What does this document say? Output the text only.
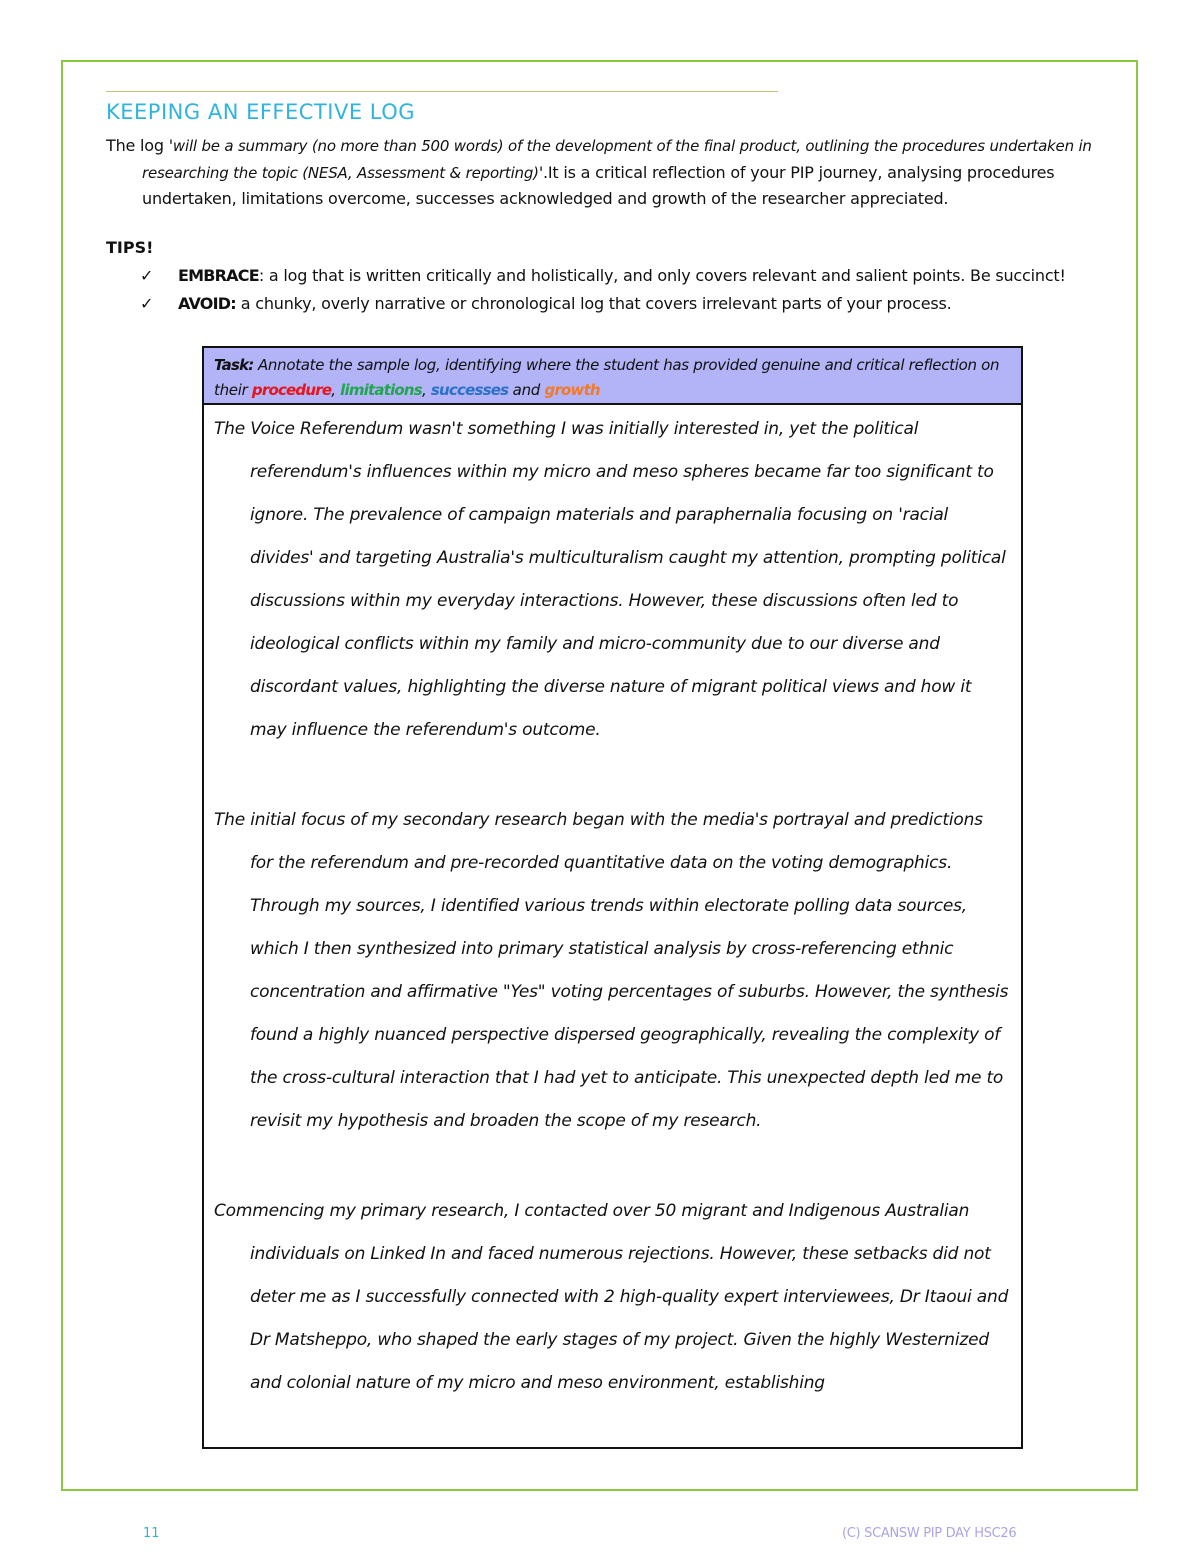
KEEPING AN EFFECTIVE LOG

The log 'will be a summary (no more than 500 words) of the development of the final product, outlining the procedures undertaken in researching the topic (NESA, Assessment & reporting)'.It is a critical reflection of your PIP journey, analysing procedures undertaken, limitations overcome, successes acknowledged and growth of the researcher appreciated.

TIPS!

✓ EMBRACE: a log that is written critically and holistically, and only covers relevant and salient points. Be succinct!
✓ AVOID: a chunky, overly narrative or chronological log that covers irrelevant parts of your process.
Task: Annotate the sample log, identifying where the student has provided genuine and critical reflection on their procedure, limitations, successes and growth

The Voice Referendum wasn't something I was initially interested in, yet the political referendum's influences within my micro and meso spheres became far too significant to ignore. The prevalence of campaign materials and paraphernalia focusing on 'racial divides' and targeting Australia's multiculturalism caught my attention, prompting political discussions within my everyday interactions. However, these discussions often led to ideological conflicts within my family and micro-community due to our diverse and discordant values, highlighting the diverse nature of migrant political views and how it may influence the referendum's outcome.

The initial focus of my secondary research began with the media's portrayal and predictions for the referendum and pre-recorded quantitative data on the voting demographics. Through my sources, I identified various trends within electorate polling data sources, which I then synthesized into primary statistical analysis by cross-referencing ethnic concentration and affirmative "Yes" voting percentages of suburbs. However, the synthesis found a highly nuanced perspective dispersed geographically, revealing the complexity of the cross-cultural interaction that I had yet to anticipate. This unexpected depth led me to revisit my hypothesis and broaden the scope of my research.

Commencing my primary research, I contacted over 50 migrant and Indigenous Australian individuals on Linked In and faced numerous rejections. However, these setbacks did not deter me as I successfully connected with 2 high-quality expert interviewees, Dr Itaoui and Dr Matsheppo, who shaped the early stages of my project. Given the highly Westernized and colonial nature of my micro and meso environment, establishing

11	(C) SCANSW PIP DAY HSC26
